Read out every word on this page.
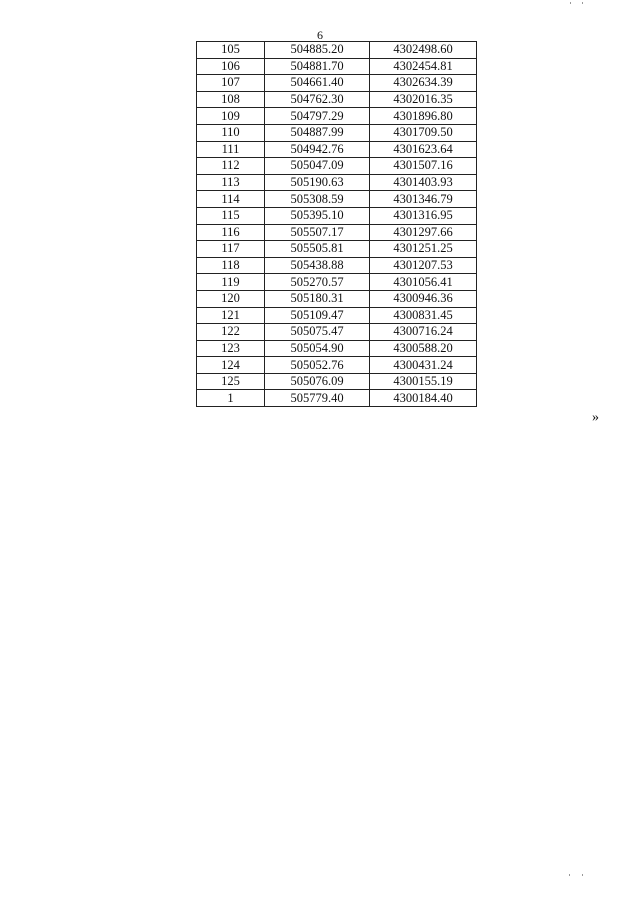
6
105	504885.20	4302498.60
106	504881.70	4302454.81
107	504661.40	4302634.39
108	504762.30	4302016.35
109	504797.29	4301896.80
110	504887.99	4301709.50
111	504942.76	4301623.64
112	505047.09	4301507.16
113	505190.63	4301403.93
114	505308.59	4301346.79
115	505395.10	4301316.95
116	505507.17	4301297.66
117	505505.81	4301251.25
118	505438.88	4301207.53
119	505270.57	4301056.41
120	505180.31	4300946.36
121	505109.47	4300831.45
122	505075.47	4300716.24
123	505054.90	4300588.20
124	505052.76	4300431.24
125	505076.09	4300155.19
1	505779.40	4300184.40
»
